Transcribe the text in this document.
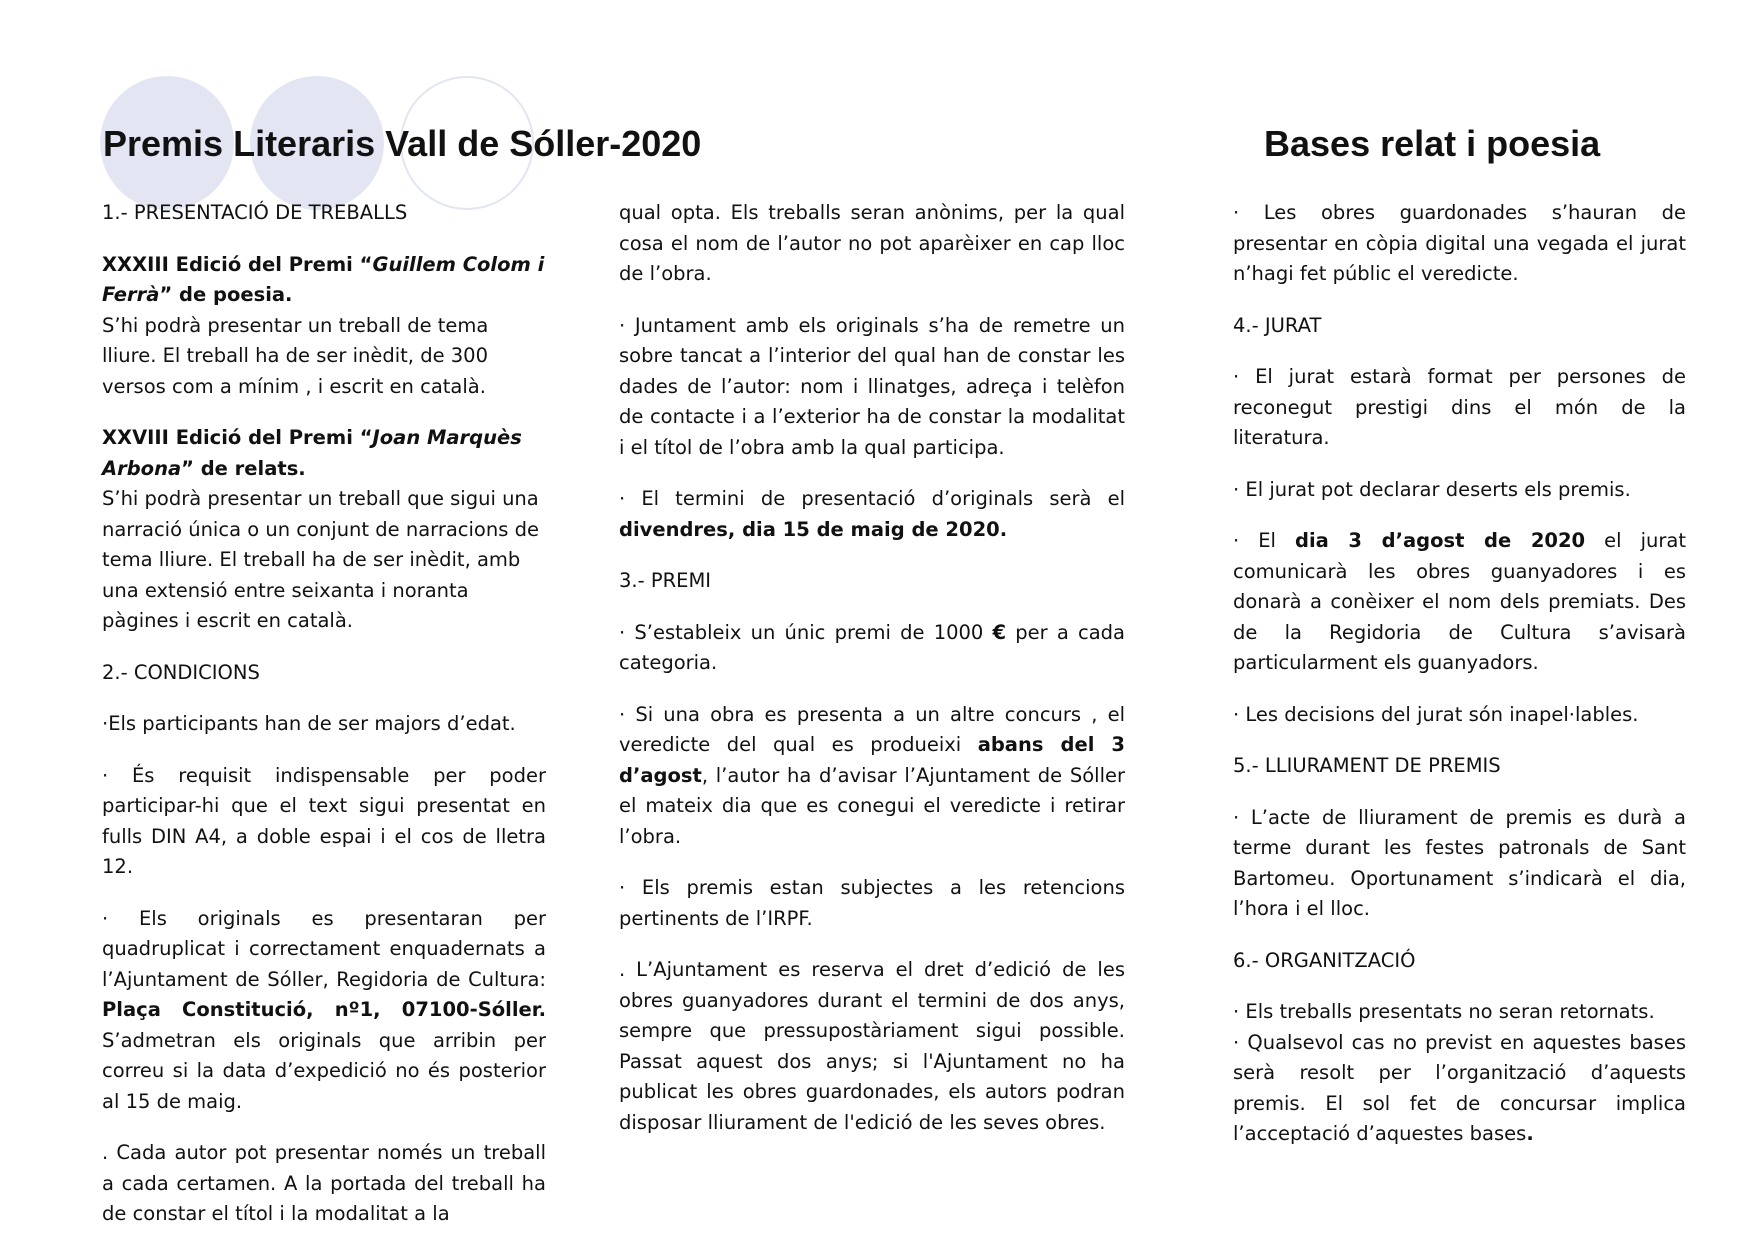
Premis Literaris Vall de Sóller-2020	Bases relat i poesia

1.- PRESENTACIÓ DE TREBALLS

XXXIII Edició del Premi “Guillem Colom i Ferrà” de poesia.
S’hi podrà presentar un treball de tema lliure. El treball ha de ser inèdit, de 300 versos com a mínim , i escrit en català.

XXVIII Edició del Premi “Joan Marquès Arbona” de relats.
S’hi podrà presentar un treball que sigui una narració única o un conjunt de narracions de tema lliure. El treball ha de ser inèdit, amb una extensió entre seixanta i noranta pàgines i escrit en català.

2.- CONDICIONS

·Els participants han de ser majors d’edat.

· És requisit indispensable per poder participar-hi que el text sigui presentat en fulls DIN A4, a doble espai i el cos de lletra 12.

· Els originals es presentaran per quadruplicat i correctament enquadernats a l’Ajuntament de Sóller, Regidoria de Cultura: Plaça Constitució, nº1, 07100-Sóller. S’admetran els originals que arribin per correu si la data d’expedició no és posterior al 15 de maig.

. Cada autor pot presentar només un treball a cada certamen. A la portada del treball ha de constar el títol i la modalitat a la

qual opta. Els treballs seran anònims, per la qual cosa el nom de l’autor no pot aparèixer en cap lloc de l’obra.

· Juntament amb els originals s’ha de remetre un sobre tancat a l’interior del qual han de constar les dades de l’autor: nom i llinatges, adreça i telèfon de contacte i a l’exterior ha de constar la modalitat i el títol de l’obra amb la qual participa.

· El termini de presentació d’originals serà el divendres, dia 15 de maig de 2020.

3.- PREMI

· S’estableix un únic premi de 1000 € per a cada categoria.

· Si una obra es presenta a un altre concurs , el veredicte del qual es produeixi abans del 3 d’agost, l’autor ha d’avisar l’Ajuntament de Sóller el mateix dia que es conegui el veredicte i retirar l’obra.

· Els premis estan subjectes a les retencions pertinents de l’IRPF.

. L’Ajuntament es reserva el dret d’edició de les obres guanyadores durant el termini de dos anys, sempre que pressupostàriament sigui possible. Passat aquest dos anys; si l'Ajuntament no ha publicat les obres guardonades, els autors podran disposar lliurament de l'edició de les seves obres.

· Les obres guardonades s’hauran de presentar en còpia digital una vegada el jurat n’hagi fet públic el veredicte.

4.- JURAT

· El jurat estarà format per persones de reconegut prestigi dins el món de la literatura.

· El jurat pot declarar deserts els premis.

· El dia 3 d’agost de 2020 el jurat comunicarà les obres guanyadores i es donarà a conèixer el nom dels premiats. Des de la Regidoria de Cultura s’avisarà particularment els guanyadors.

· Les decisions del jurat són inapel·lables.

5.- LLIURAMENT DE PREMIS

· L’acte de lliurament de premis es durà a terme durant les festes patronals de Sant Bartomeu. Oportunament s’indicarà el dia, l’hora i el lloc.

6.- ORGANITZACIÓ

· Els treballs presentats no seran retornats.
· Qualsevol cas no previst en aquestes bases serà resolt per l’organització d’aquests premis. El sol fet de concursar implica l’acceptació d’aquestes bases.
